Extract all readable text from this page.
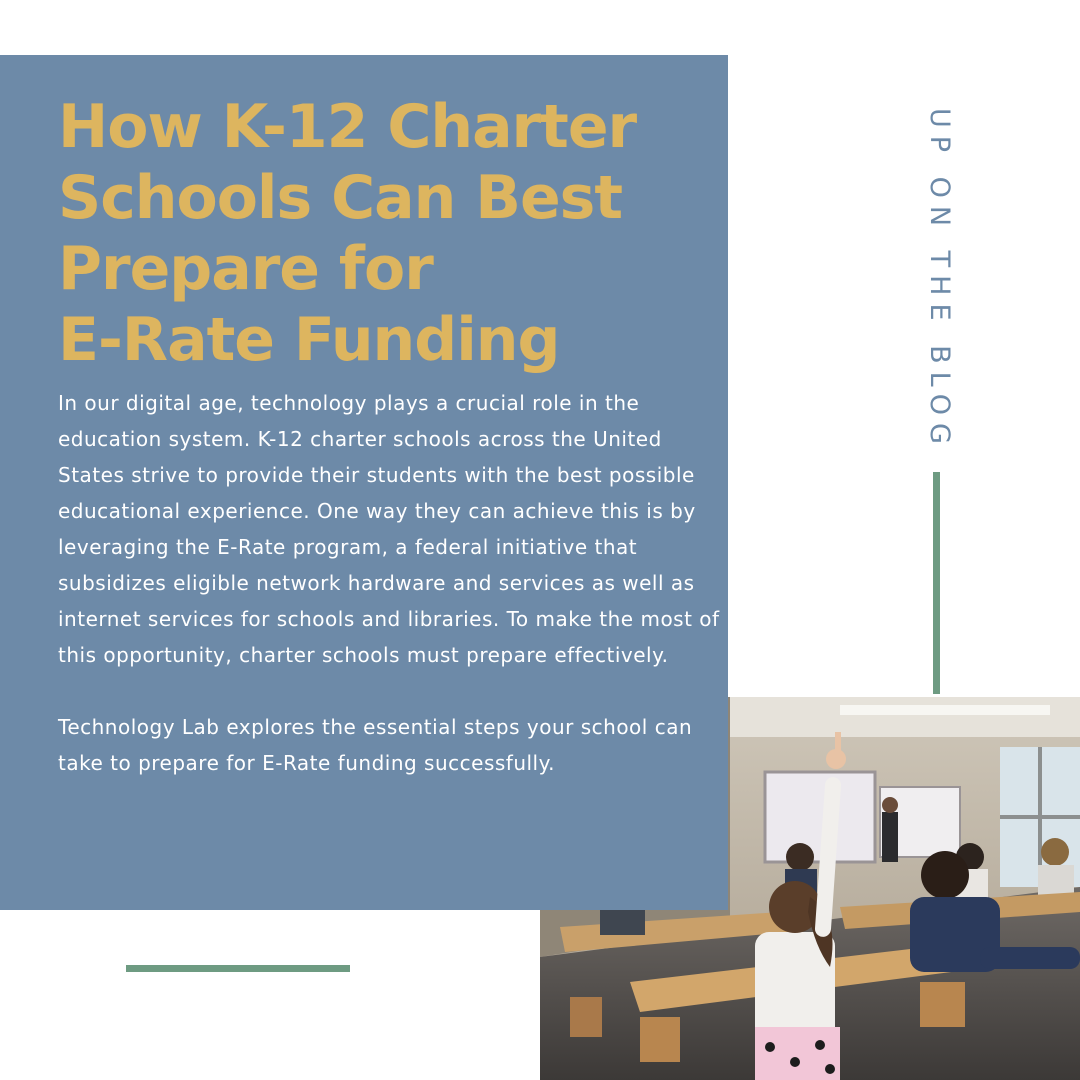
How K-12 Charter
Schools Can Best
Prepare for
E-Rate Funding

In our digital age, technology plays a crucial role in the education system. K-12 charter schools across the United States strive to provide their students with the best possible educational experience. One way they can achieve this is by leveraging the E-Rate program, a federal initiative that subsidizes eligible network hardware and services as well as internet services for schools and libraries. To make the most of this opportunity, charter schools must prepare effectively.

Technology Lab explores the essential steps your school can take to prepare for E-Rate funding successfully.

UP ON THE BLOG
